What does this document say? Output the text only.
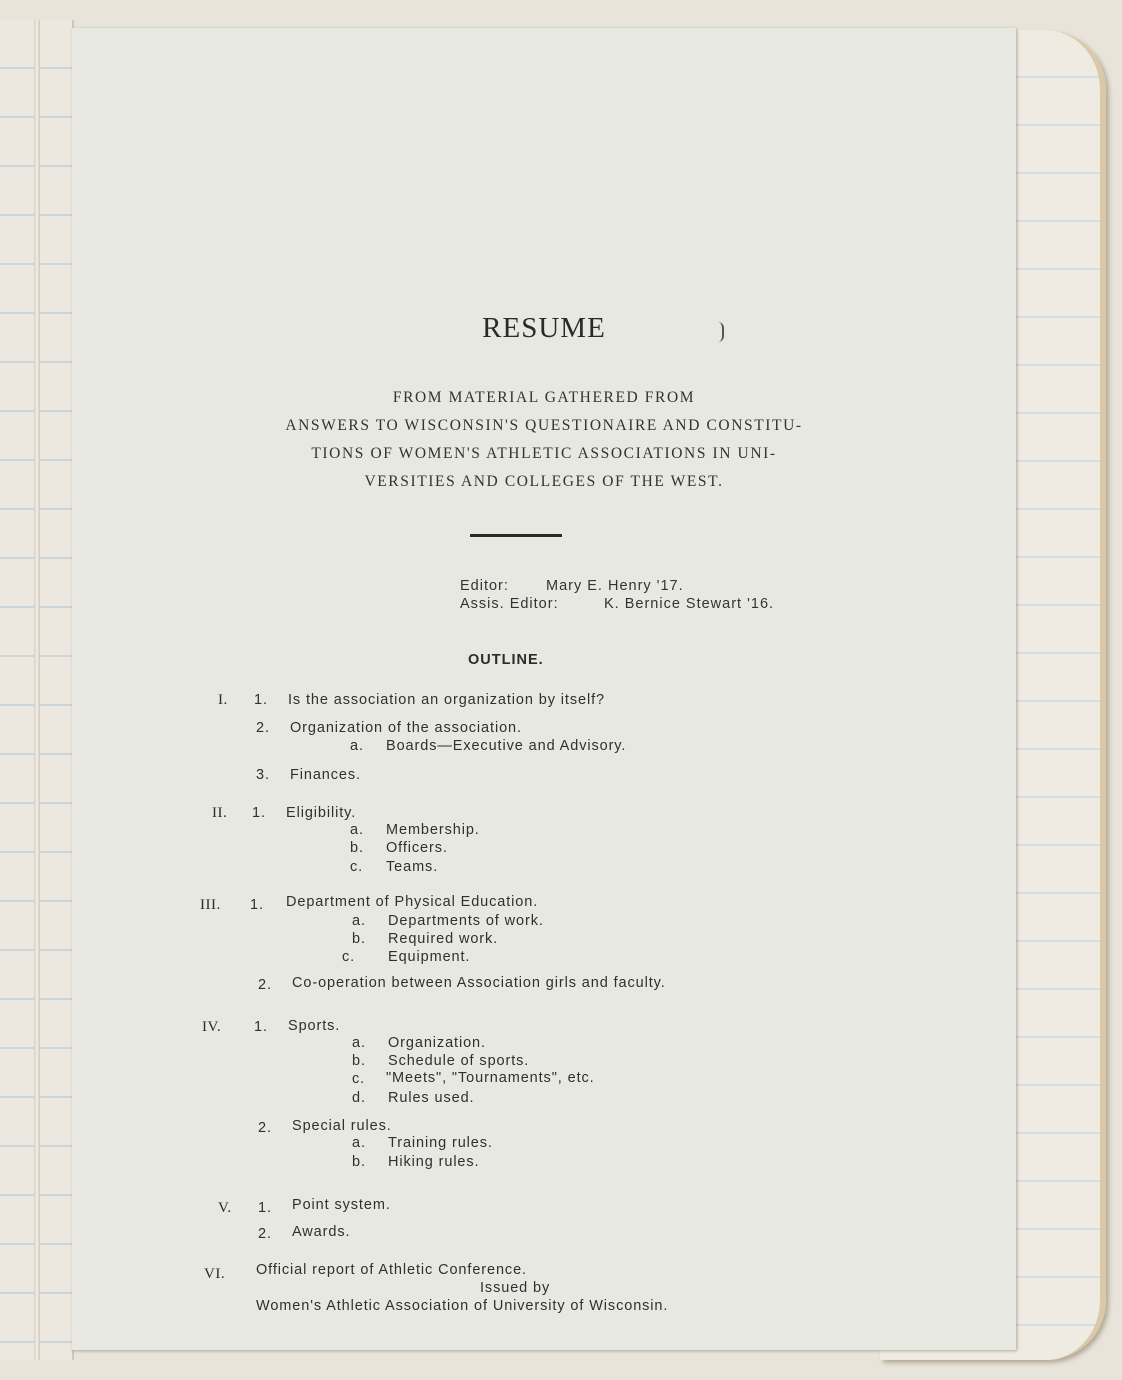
RESUME
FROM MATERIAL GATHERED FROM
ANSWERS TO WISCONSIN'S QUESTIONAIRE AND CONSTITU-
TIONS OF WOMEN'S ATHLETIC ASSOCIATIONS IN UNI-
VERSITIES AND COLLEGES OF THE WEST.
Editor:	Mary E. Henry '17.
Assis. Editor:	K. Bernice Stewart '16.
OUTLINE.
I. 1. Is the association an organization by itself?
2. Organization of the association.
a. Boards—Executive and Advisory.
3. Finances.
II. 1. Eligibility.
a. Membership.
b. Officers.
c. Teams.
III. 1. Department of Physical Education.
a. Departments of work.
b. Required work.
c. Equipment.
2. Co-operation between Association girls and faculty.
IV. 1. Sports.
a. Organization.
b. Schedule of sports.
c. "Meets", "Tournaments", etc.
d. Rules used.
2. Special rules.
a. Training rules.
b. Hiking rules.
V. 1. Point system.
2. Awards.
VI. Official report of Athletic Conference.
Issued by
Women's Athletic Association of University of Wisconsin.
